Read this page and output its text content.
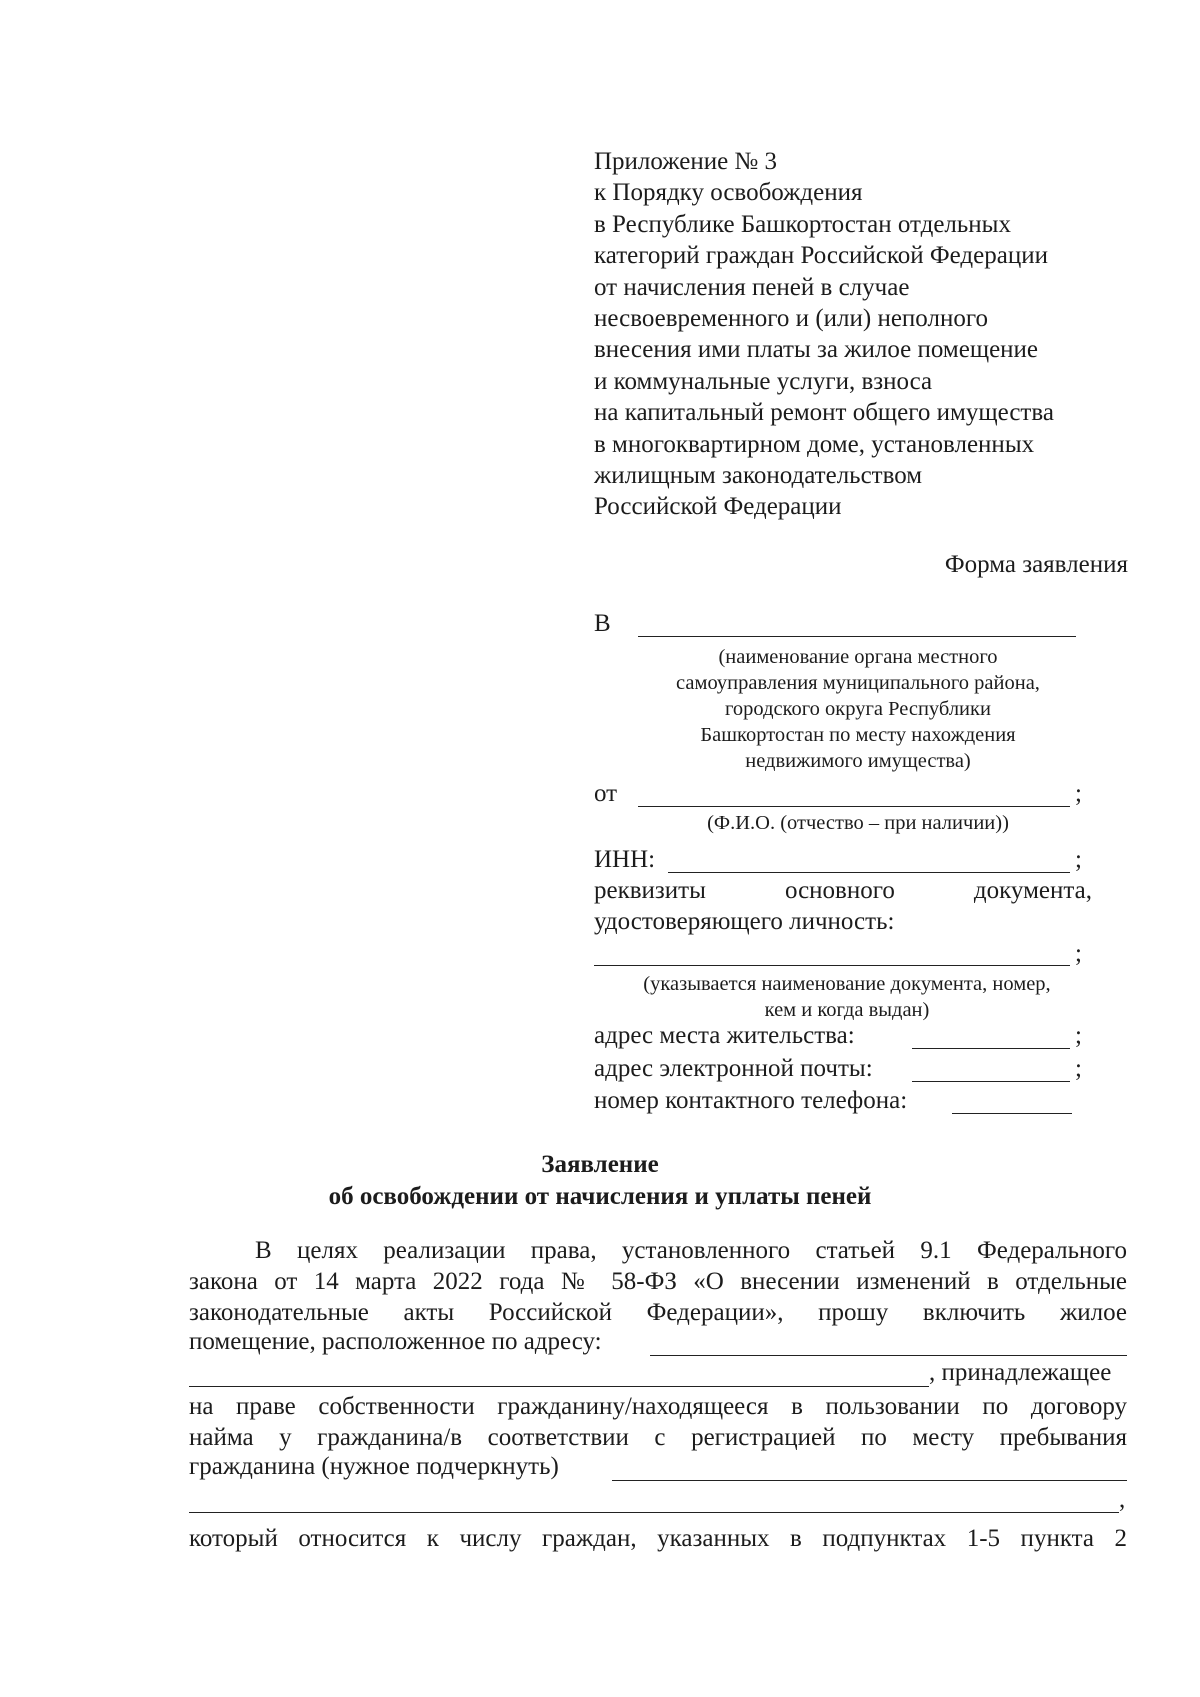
Приложение № 3
к Порядку освобождения
в Республике Башкортостан отдельных
категорий граждан Российской Федерации
от начисления пеней в случае
несвоевременного и (или) неполного
внесения ими платы за жилое помещение
и коммунальные услуги, взноса
на капитальный ремонт общего имущества
в многоквартирном доме, установленных
жилищным законодательством
Российской Федерации
Форма заявления
В
(наименование органа местного
самоуправления муниципального района,
городского округа Республики
Башкортостан по месту нахождения
недвижимого имущества)
от	;
(Ф.И.О. (отчество – при наличии))
ИНН:	;
реквизиты	основного	документа,
удостоверяющего личность:
;
(указывается наименование документа, номер,
кем и когда выдан)
адрес места жительства:	;
адрес электронной почты:	;
номер контактного телефона:
Заявление
об освобождении от начисления и уплаты пеней
В целях реализации права, установленного статьей 9.1 Федерального
закона от 14 марта 2022 года № 58-ФЗ «О внесении изменений в отдельные
законодательные акты Российской Федерации», прошу включить жилое
помещение, расположенное по адресу:
, принадлежащее
на праве собственности гражданину/находящееся в пользовании по договору
найма у гражданина/в соответствии с регистрацией по месту пребывания
гражданина (нужное подчеркнуть)
,
который относится к числу граждан, указанных в подпунктах 1-5 пункта 2
